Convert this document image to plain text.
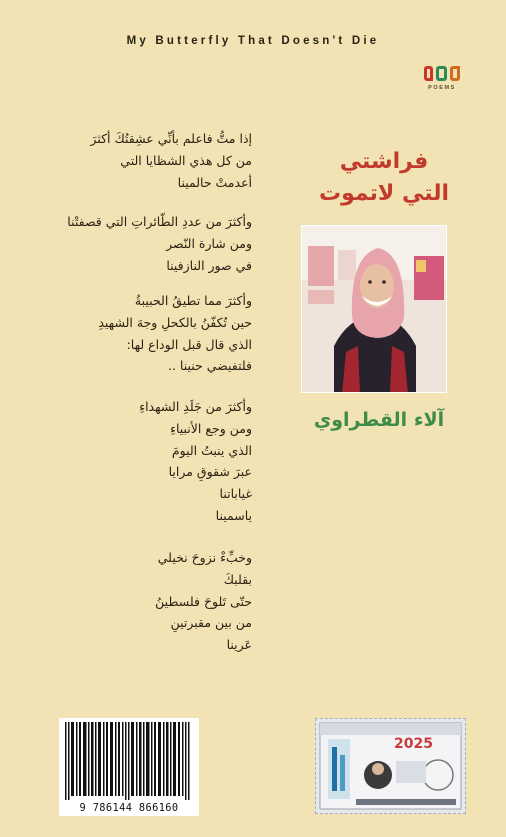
My Butterfly That Doesn't Die
POEMS
إذا متُّ فاعلم بأنِّي عشِقتُكَ أكثرَ
من كل هذي الشظايا التي
أعدمتْ حالمينا
وأكثرَ من عددِ الطّائراتِ التي قصفتْنا
ومن شارة النّصر
في صور النازفينا
وأكثرَ مما تطيقُ الحبيبةُ
حين تُكفّنُ بالكحلِ وجهَ الشهيدِ
الذي قال قبل الوداع لها:
فلتفيضي حنينا ..
وأكثرَ من جَلَدِ الشهداءِ
ومن وجع الأنبياءِ
الذي ينبتُ اليومَ
عبرَ شقوقِ مرايا
غياباتنا
ياسمينا
وخبِّءْ نزوحَ نخيلي
بقلبكَ
حتّى تَلوحَ فلسطينُ
من بين مقبرتينِ
عَرينا
فراشتي
التي لاتموت
آلاء القطراوي
9 786144 866160
2025
